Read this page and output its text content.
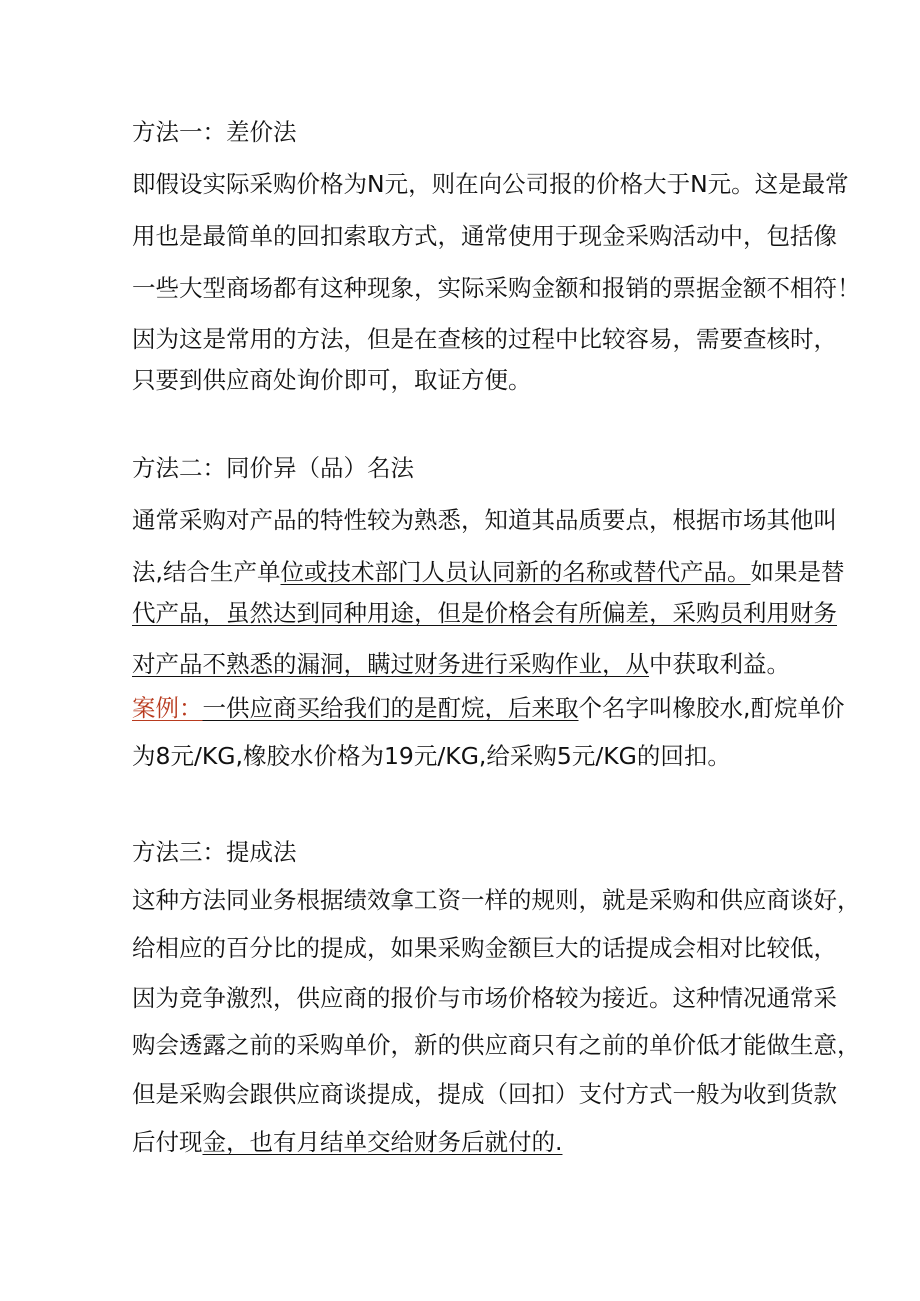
方法一：差价法
即假设实际采购价格为N元，则在向公司报的价格大于N元。这是最常
用也是最简单的回扣索取方式，通常使用于现金采购活动中，包括像
一些大型商场都有这种现象，实际采购金额和报销的票据金额不相符！
因为这是常用的方法，但是在查核的过程中比较容易，需要查核时，
只要到供应商处询价即可，取证方便。
方法二：同价异（品）名法
通常采购对产品的特性较为熟悉，知道其品质要点，根据市场其他叫
法,结合生产单位或技术部门人员认同新的名称或替代产品。如果是替
代产品，虽然达到同种用途，但是价格会有所偏差，采购员利用财务
对产品不熟悉的漏洞，瞒过财务进行采购作业，从中获取利益。
案例：一供应商买给我们的是酊烷，后来取个名字叫橡胶水,酊烷单价
为8元/KG,橡胶水价格为19元/KG,给采购5元/KG的回扣。
方法三：提成法
这种方法同业务根据绩效拿工资一样的规则，就是采购和供应商谈好，
给相应的百分比的提成，如果采购金额巨大的话提成会相对比较低，
因为竞争激烈，供应商的报价与市场价格较为接近。这种情况通常采
购会透露之前的采购单价，新的供应商只有之前的单价低才能做生意，
但是采购会跟供应商谈提成，提成（回扣）支付方式一般为收到货款
后付现金，也有月结单交给财务后就付的.
